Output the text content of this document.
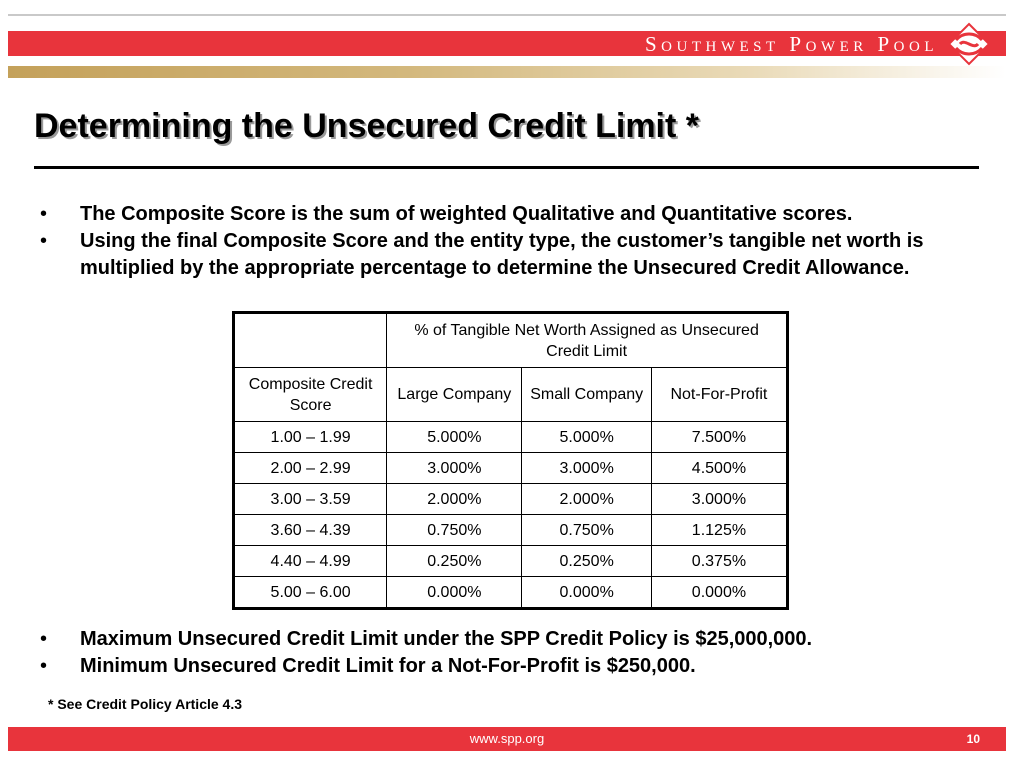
Southwest Power Pool
Determining the Unsecured Credit Limit *
• The Composite Score is the sum of weighted Qualitative and Quantitative scores.
• Using the final Composite Score and the entity type, the customer’s tangible net worth is multiplied by the appropriate percentage to determine the Unsecured Credit Allowance.
	% of Tangible Net Worth Assigned as Unsecured Credit Limit		
Composite Credit Score	Large Company	Small Company	Not-For-Profit
1.00 – 1.99	5.000%	5.000%	7.500%
2.00 – 2.99	3.000%	3.000%	4.500%
3.00 – 3.59	2.000%	2.000%	3.000%
3.60 – 4.39	0.750%	0.750%	1.125%
4.40 – 4.99	0.250%	0.250%	0.375%
5.00 – 6.00	0.000%	0.000%	0.000%
• Maximum Unsecured Credit Limit under the SPP Credit Policy is $25,000,000.
• Minimum Unsecured Credit Limit for a Not-For-Profit is $250,000.
* See Credit Policy Article 4.3
www.spp.org	10
